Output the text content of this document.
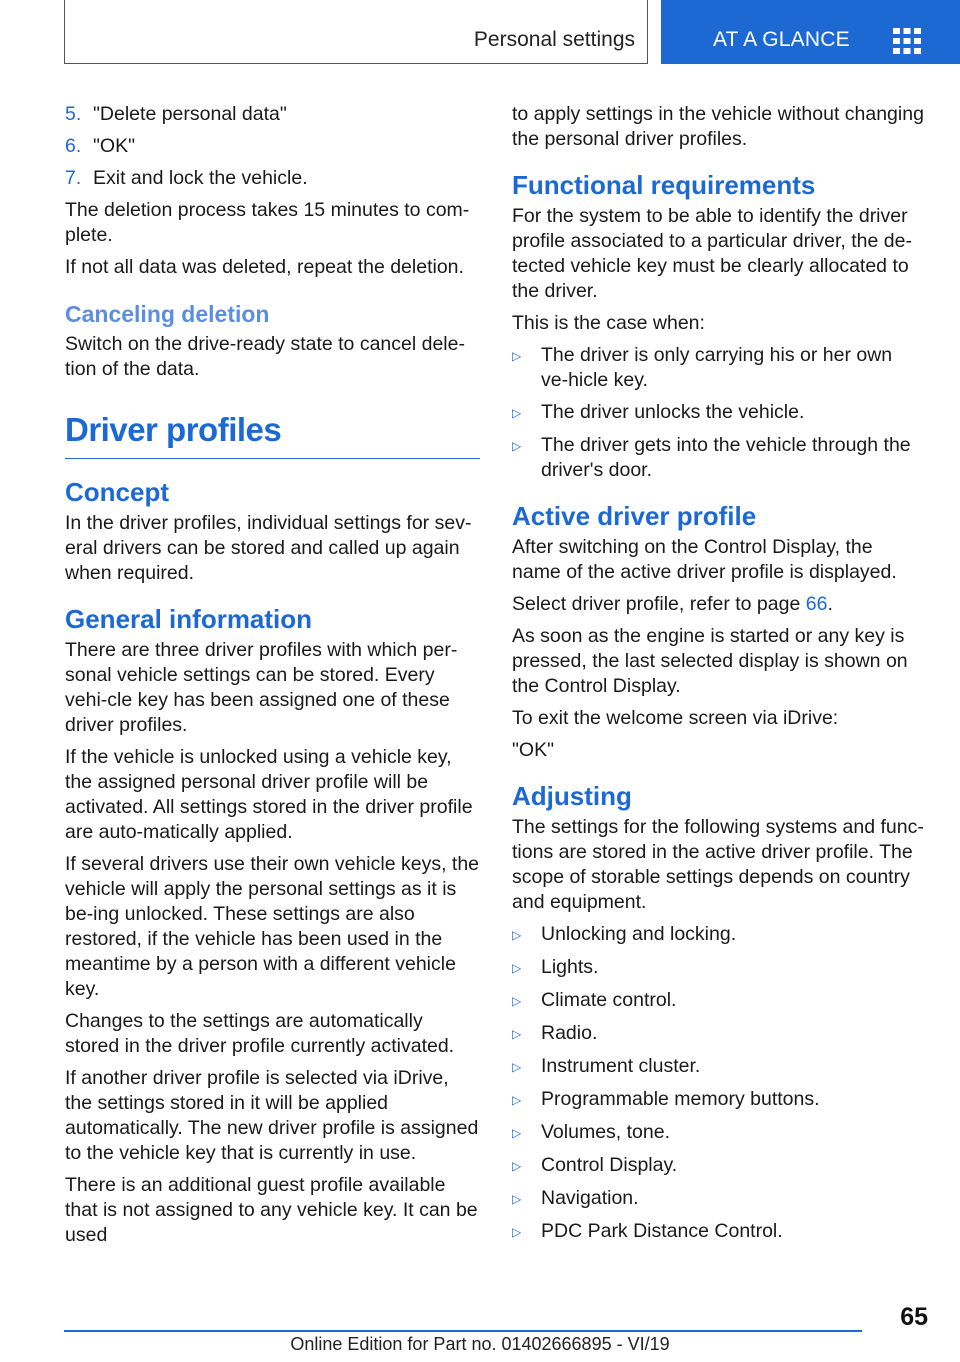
Personal settings	AT A GLANCE
5. "Delete personal data"
6. "OK"
7. Exit and lock the vehicle.

The deletion process takes 15 minutes to com-plete.

If not all data was deleted, repeat the deletion.

Canceling deletion

Switch on the drive-ready state to cancel dele-tion of the data.

Driver profiles
Concept

In the driver profiles, individual settings for sev-eral drivers can be stored and called up again when required.

General information

There are three driver profiles with which per-sonal vehicle settings can be stored. Every vehi-cle key has been assigned one of these driver profiles.

If the vehicle is unlocked using a vehicle key, the assigned personal driver profile will be activated. All settings stored in the driver profile are auto-matically applied.

If several drivers use their own vehicle keys, the vehicle will apply the personal settings as it is be-ing unlocked. These settings are also restored, if the vehicle has been used in the meantime by a person with a different vehicle key.

Changes to the settings are automatically stored in the driver profile currently activated.

If another driver profile is selected via iDrive, the settings stored in it will be applied automatically. The new driver profile is assigned to the vehicle key that is currently in use.

There is an additional guest profile available that is not assigned to any vehicle key. It can be used

to apply settings in the vehicle without changing the personal driver profiles.

Functional requirements

For the system to be able to identify the driver profile associated to a particular driver, the de-tected vehicle key must be clearly allocated to the driver.

This is the case when:

▷	The driver is only carrying his or her own ve-hicle key.
▷	The driver unlocks the vehicle.
▷	The driver gets into the vehicle through the driver's door.
Active driver profile

After switching on the Control Display, the name of the active driver profile is displayed.

Select driver profile, refer to page 66.

As soon as the engine is started or any key is pressed, the last selected display is shown on the Control Display.

To exit the welcome screen via iDrive:

"OK"

Adjusting

The settings for the following systems and func-tions are stored in the active driver profile. The scope of storable settings depends on country and equipment.

▷	Unlocking and locking.
▷	Lights.
▷	Climate control.
▷	Radio.
▷	Instrument cluster.
▷	Programmable memory buttons.
▷	Volumes, tone.
▷	Control Display.
▷	Navigation.
▷	PDC Park Distance Control.
65
Online Edition for Part no. 01402666895 - VI/19
